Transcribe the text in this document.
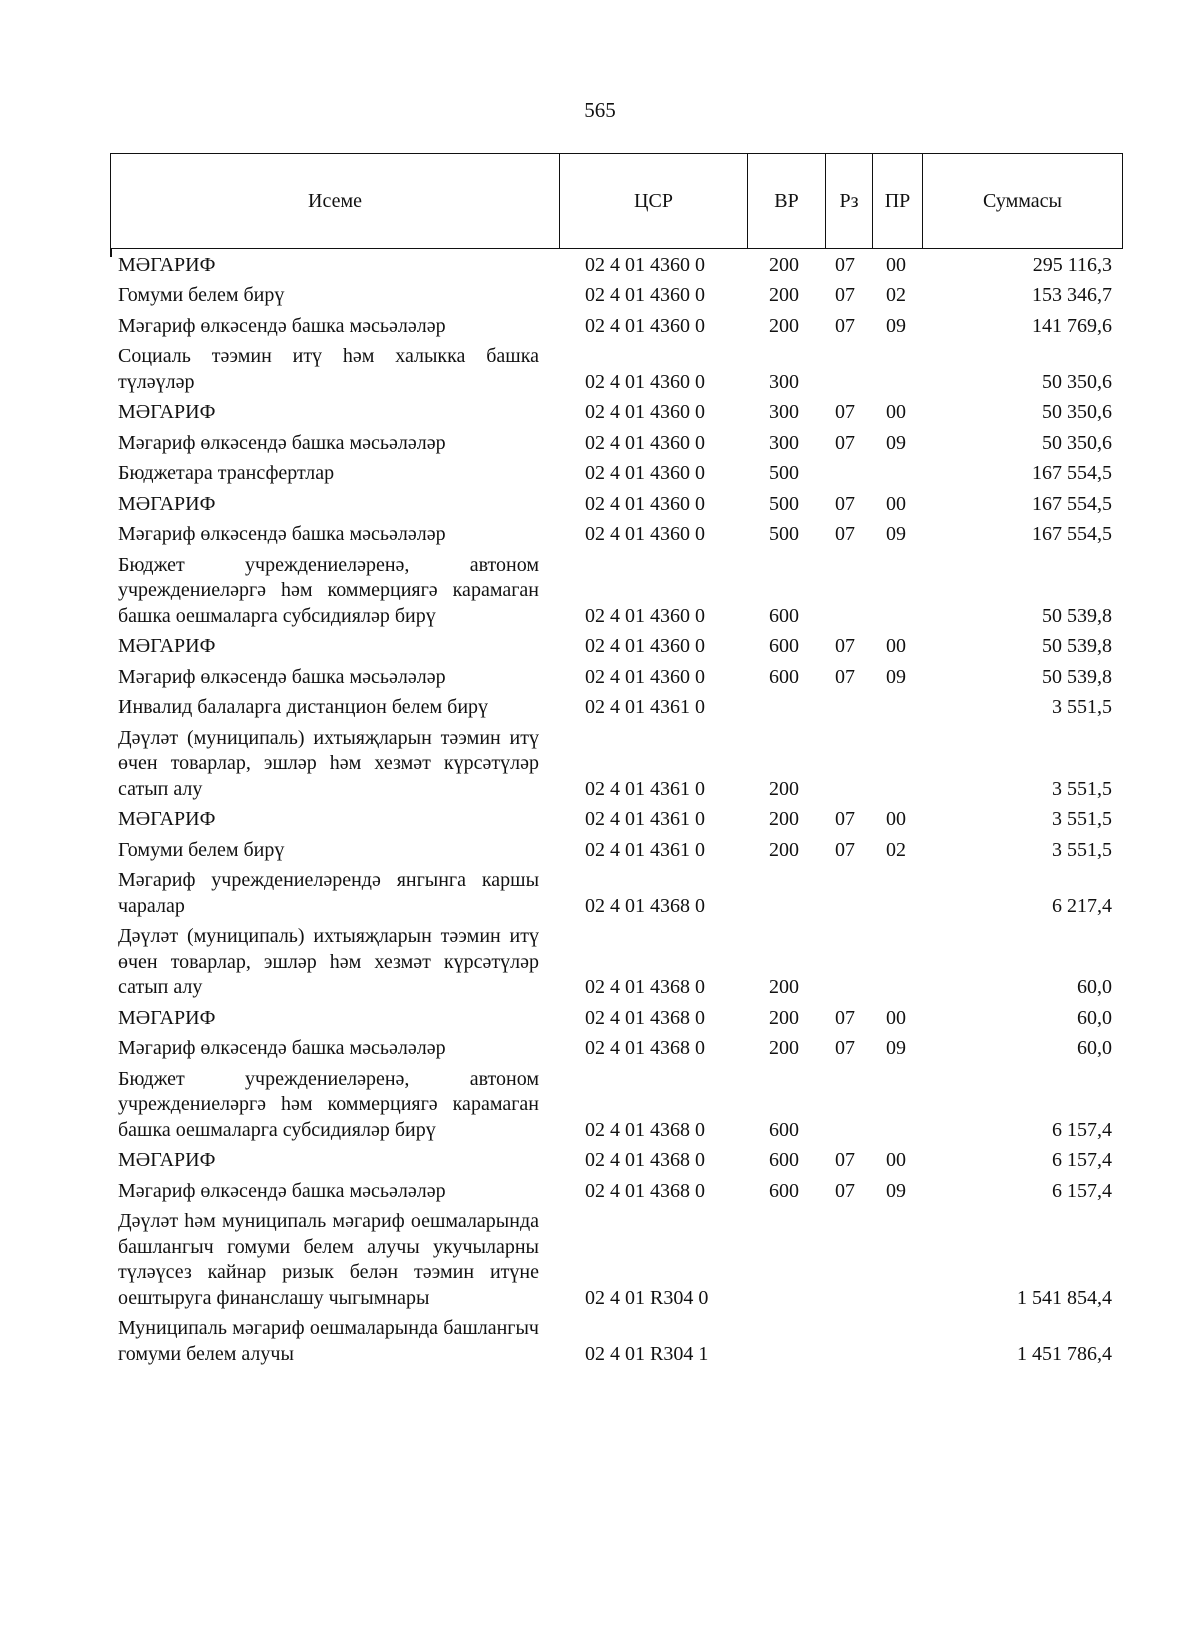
565
Исеме	ЦСР	ВР	Рз	ПР	Суммасы
МӘГАРИФ	02 4 01 4360 0	200	07	00	295 116,3
Гомуми белем бирү	02 4 01 4360 0	200	07	02	153 346,7
Мәгариф өлкәсендә башка мәсьәләләр	02 4 01 4360 0	200	07	09	141 769,6
Социаль тәэмин итү һәм халыкка башка түләүләр	02 4 01 4360 0	300			50 350,6
МӘГАРИФ	02 4 01 4360 0	300	07	00	50 350,6
Мәгариф өлкәсендә башка мәсьәләләр	02 4 01 4360 0	300	07	09	50 350,6
Бюджетара трансфертлар	02 4 01 4360 0	500			167 554,5
МӘГАРИФ	02 4 01 4360 0	500	07	00	167 554,5
Мәгариф өлкәсендә башка мәсьәләләр	02 4 01 4360 0	500	07	09	167 554,5
Бюджет учреждениеләренә, автоном учреждениеләргә һәм коммерциягә карамаган башка оешмаларга субсидияләр бирү	02 4 01 4360 0	600			50 539,8
МӘГАРИФ	02 4 01 4360 0	600	07	00	50 539,8
Мәгариф өлкәсендә башка мәсьәләләр	02 4 01 4360 0	600	07	09	50 539,8
Инвалид балаларга дистанцион белем бирү	02 4 01 4361 0				3 551,5
Дәүләт (муниципаль) ихтыяҗларын тәэмин итү өчен товарлар, эшләр һәм хезмәт күрсәтүләр сатып алу	02 4 01 4361 0	200			3 551,5
МӘГАРИФ	02 4 01 4361 0	200	07	00	3 551,5
Гомуми белем бирү	02 4 01 4361 0	200	07	02	3 551,5
Мәгариф учреждениеләрендә янгынга каршы чаралар	02 4 01 4368 0				6 217,4
Дәүләт (муниципаль) ихтыяҗларын тәэмин итү өчен товарлар, эшләр һәм хезмәт күрсәтүләр сатып алу	02 4 01 4368 0	200			60,0
МӘГАРИФ	02 4 01 4368 0	200	07	00	60,0
Мәгариф өлкәсендә башка мәсьәләләр	02 4 01 4368 0	200	07	09	60,0
Бюджет учреждениеләренә, автоном учреждениеләргә һәм коммерциягә карамаган башка оешмаларга субсидияләр бирү	02 4 01 4368 0	600			6 157,4
МӘГАРИФ	02 4 01 4368 0	600	07	00	6 157,4
Мәгариф өлкәсендә башка мәсьәләләр	02 4 01 4368 0	600	07	09	6 157,4
Дәүләт һәм муниципаль мәгариф оешмаларында башлангыч гомуми белем алучы укучыларны түләүсез кайнар ризык белән тәэмин итүне оештыруга финанслашу чыгымнары	02 4 01 R304 0				1 541 854,4
Муниципаль мәгариф оешмаларында башлангыч гомуми белем алучы	02 4 01 R304 1				1 451 786,4
